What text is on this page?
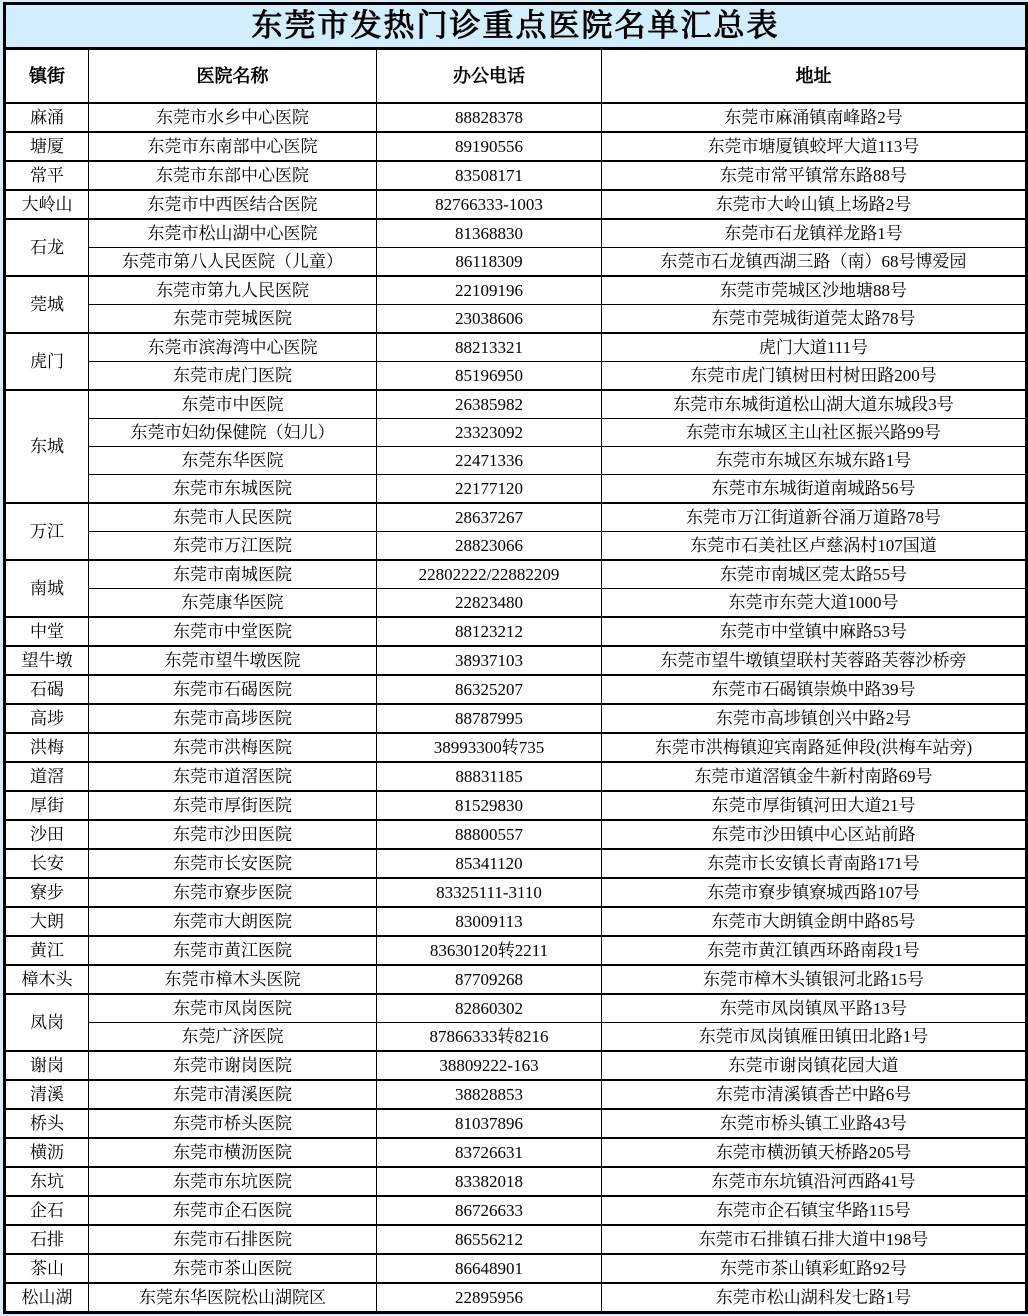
东莞市发热门诊重点医院名单汇总表			
镇街	医院名称	办公电话	地址
麻涌	东莞市水乡中心医院	88828378	东莞市麻涌镇南峰路2号
塘厦	东莞市东南部中心医院	89190556	东莞市塘厦镇蛟坪大道113号
常平	东莞市东部中心医院	83508171	东莞市常平镇常东路88号
大岭山	东莞市中西医结合医院	82766333-1003	东莞市大岭山镇上场路2号
石龙	东莞市松山湖中心医院	81368830	东莞市石龙镇祥龙路1号
	东莞市第八人民医院（儿童）	86118309	东莞市石龙镇西湖三路（南）68号博爱园
莞城	东莞市第九人民医院	22109196	东莞市莞城区沙地塘88号
	东莞市莞城医院	23038606	东莞市莞城街道莞太路78号
虎门	东莞市滨海湾中心医院	88213321	虎门大道111号
	东莞市虎门医院	85196950	东莞市虎门镇树田村树田路200号
东城	东莞市中医院	26385982	东莞市东城街道松山湖大道东城段3号
	东莞市妇幼保健院（妇儿）	23323092	东莞市东城区主山社区振兴路99号
	东莞东华医院	22471336	东莞市东城区东城东路1号
	东莞市东城医院	22177120	东莞市东城街道南城路56号
万江	东莞市人民医院	28637267	东莞市万江街道新谷涌万道路78号
	东莞市万江医院	28823066	东莞市石美社区卢慈涡村107国道
南城	东莞市南城医院	22802222/22882209	东莞市南城区莞太路55号
	东莞康华医院	22823480	东莞市东莞大道1000号
中堂	东莞市中堂医院	88123212	东莞市中堂镇中麻路53号
望牛墩	东莞市望牛墩医院	38937103	东莞市望牛墩镇望联村芙蓉路芙蓉沙桥旁
石碣	东莞市石碣医院	86325207	东莞市石碣镇崇焕中路39号
高埗	东莞市高埗医院	88787995	东莞市高埗镇创兴中路2号
洪梅	东莞市洪梅医院	38993300转735	东莞市洪梅镇迎宾南路延伸段(洪梅车站旁)
道滘	东莞市道滘医院	88831185	东莞市道滘镇金牛新村南路69号
厚街	东莞市厚街医院	81529830	东莞市厚街镇河田大道21号
沙田	东莞市沙田医院	88800557	东莞市沙田镇中心区站前路
长安	东莞市长安医院	85341120	东莞市长安镇长青南路171号
寮步	东莞市寮步医院	83325111-3110	东莞市寮步镇寮城西路107号
大朗	东莞市大朗医院	83009113	东莞市大朗镇金朗中路85号
黄江	东莞市黄江医院	83630120转2211	东莞市黄江镇西环路南段1号
樟木头	东莞市樟木头医院	87709268	东莞市樟木头镇银河北路15号
凤岗	东莞市凤岗医院	82860302	东莞市凤岗镇凤平路13号
	东莞广济医院	87866333转8216	东莞市凤岗镇雁田镇田北路1号
谢岗	东莞市谢岗医院	38809222-163	东莞市谢岗镇花园大道
清溪	东莞市清溪医院	38828853	东莞市清溪镇香芒中路6号
桥头	东莞市桥头医院	81037896	东莞市桥头镇工业路43号
横沥	东莞市横沥医院	83726631	东莞市横沥镇天桥路205号
东坑	东莞市东坑医院	83382018	东莞市东坑镇沿河西路41号
企石	东莞市企石医院	86726633	东莞市企石镇宝华路115号
石排	东莞市石排医院	86556212	东莞市石排镇石排大道中198号
茶山	东莞市茶山医院	86648901	东莞市茶山镇彩虹路92号
松山湖	东莞东华医院松山湖院区	22895956	东莞市松山湖科发七路1号
